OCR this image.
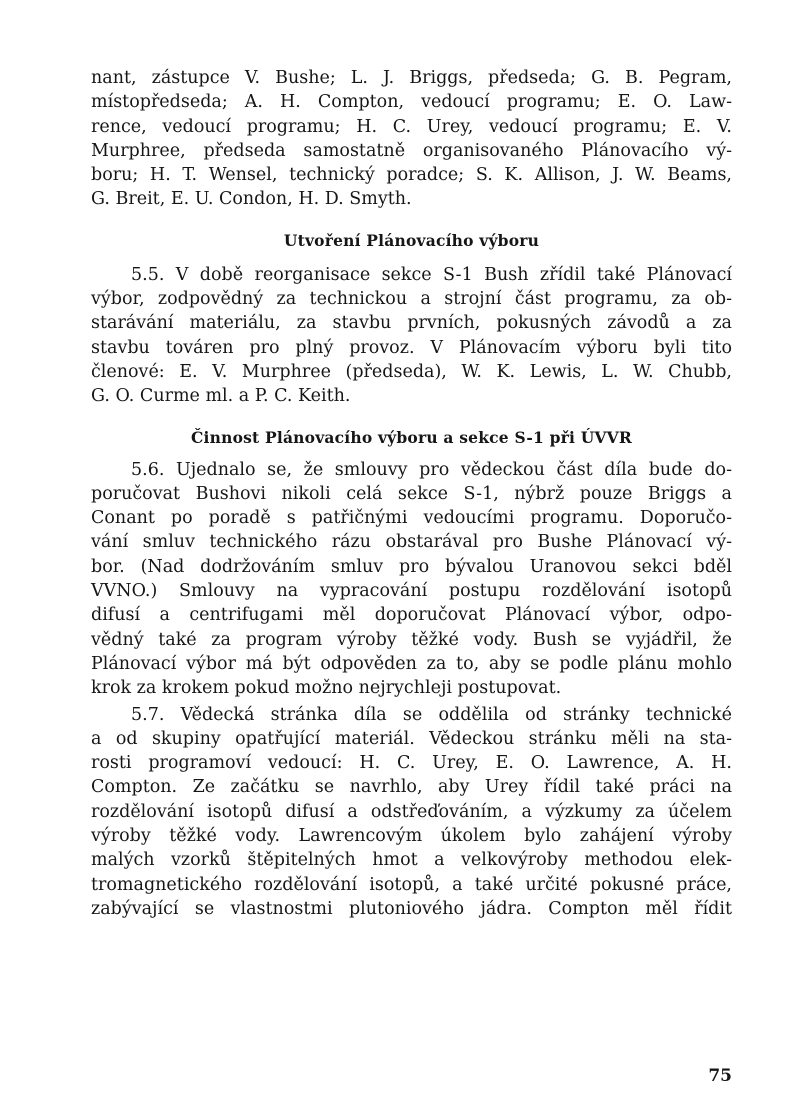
nant, zástupce V. Bushe; L. J. Briggs, předseda; G. B. Pegram,
místopředseda; A. H. Compton, vedoucí programu; E. O. Law-
rence, vedoucí programu; H. C. Urey, vedoucí programu; E. V.
Murphree, předseda samostatně organisovaného Plánovacího vý-
boru; H. T. Wensel, technický poradce; S. K. Allison, J. W. Beams,
G. Breit, E. U. Condon, H. D. Smyth.
Utvoření Plánovacího výboru
5.5. V době reorganisace sekce S-1 Bush zřídil také Plánovací
výbor, zodpovědný za technickou a strojní část programu, za ob-
starávání materiálu, za stavbu prvních, pokusných závodů a za
stavbu továren pro plný provoz. V Plánovacím výboru byli tito
členové: E. V. Murphree (předseda), W. K. Lewis, L. W. Chubb,
G. O. Curme ml. a P. C. Keith.
Činnost Plánovacího výboru a sekce S-1 při ÚVVR
5.6. Ujednalo se, že smlouvy pro vědeckou část díla bude do-
poručovat Bushovi nikoli celá sekce S-1, nýbrž pouze Briggs a
Conant po poradě s patřičnými vedoucími programu. Doporučo-
vání smluv technického rázu obstarával pro Bushe Plánovací vý-
bor. (Nad dodržováním smluv pro bývalou Uranovou sekci bděl
VVNO.) Smlouvy na vypracování postupu rozdělování isotopů
difusí a centrifugami měl doporučovat Plánovací výbor, odpo-
vědný také za program výroby těžké vody. Bush se vyjádřil, že
Plánovací výbor má být odpověden za to, aby se podle plánu mohlo
krok za krokem pokud možno nejrychleji postupovat.
5.7. Vědecká stránka díla se oddělila od stránky technické
a od skupiny opatřující materiál. Vědeckou stránku měli na sta-
rosti programoví vedoucí: H. C. Urey, E. O. Lawrence, A. H.
Compton. Ze začátku se navrhlo, aby Urey řídil také práci na
rozdělování isotopů difusí a odstřeďováním, a výzkumy za účelem
výroby těžké vody. Lawrencovým úkolem bylo zahájení výroby
malých vzorků štěpitelných hmot a velkovýroby methodou elek-
tromagnetického rozdělování isotopů, a také určité pokusné práce,
zabývající se vlastnostmi plutoniového jádra. Compton měl řídit
75
